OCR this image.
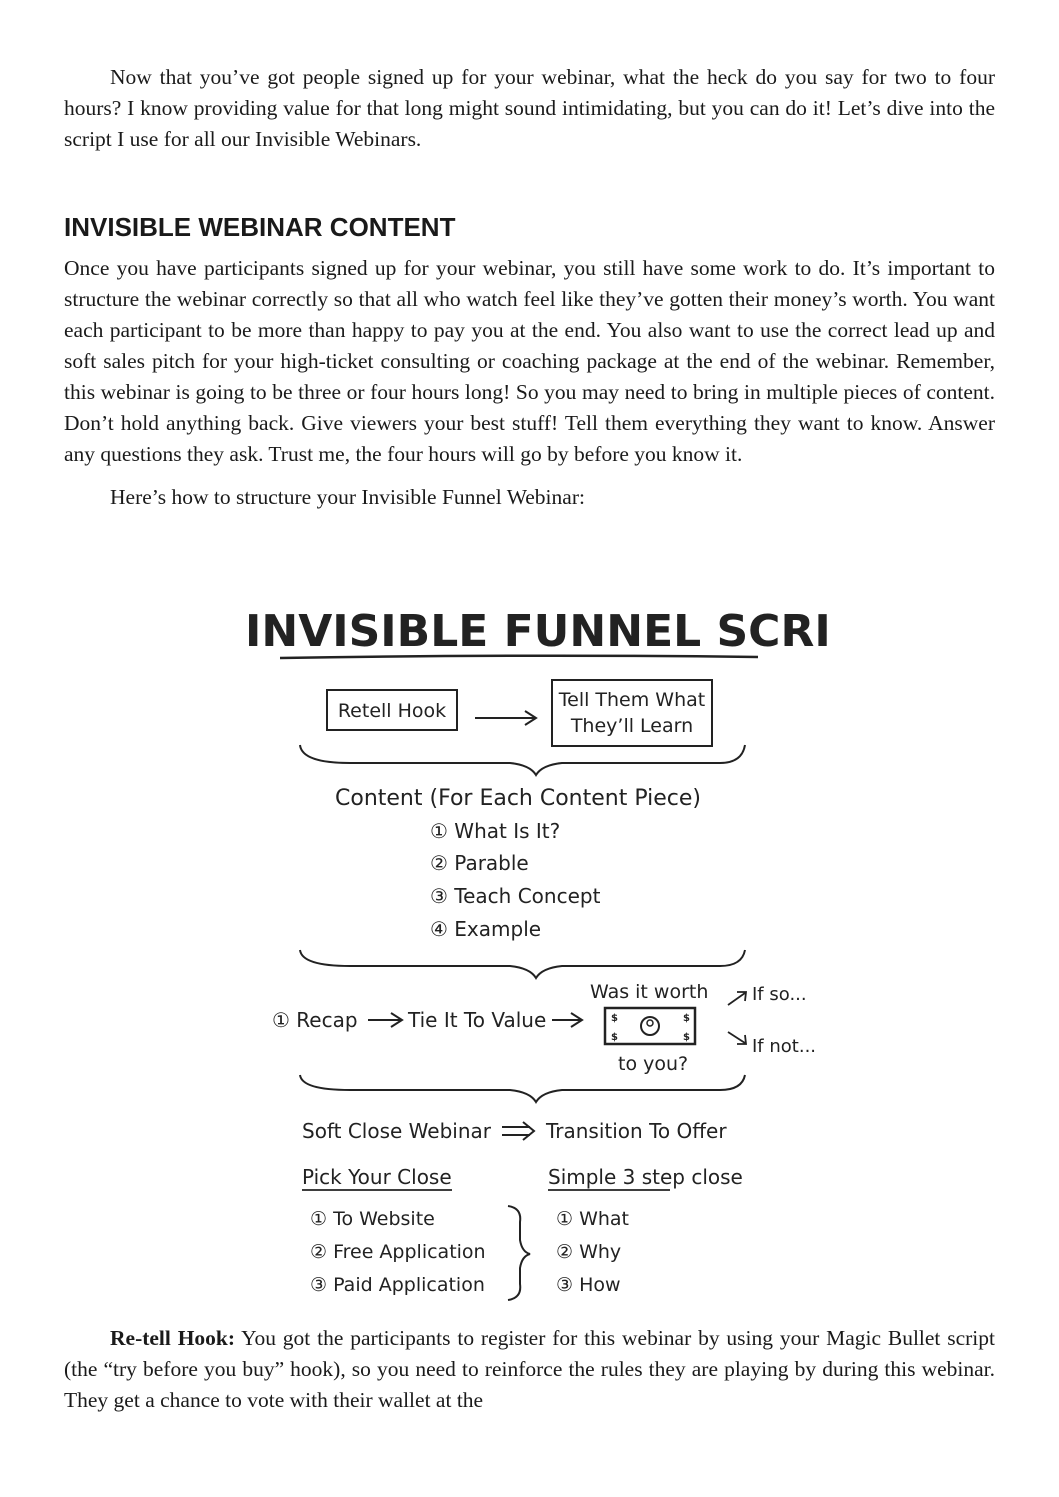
Now that you’ve got people signed up for your webinar, what the heck do you say for two to four hours? I know providing value for that long might sound intimidating, but you can do it! Let’s dive into the script I use for all our Invisible Webinars.

INVISIBLE WEBINAR CONTENT

Once you have participants signed up for your webinar, you still have some work to do. It’s important to structure the webinar correctly so that all who watch feel like they’ve gotten their money’s worth. You want each participant to be more than happy to pay you at the end. You also want to use the correct lead up and soft sales pitch for your high-ticket consulting or coaching package at the end of the webinar. Remember, this webinar is going to be three or four hours long! So you may need to bring in multiple pieces of content. Don’t hold anything back. Give viewers your best stuff! Tell them everything they want to know. Answer any questions they ask. Trust me, the four hours will go by before you know it.

Here’s how to structure your Invisible Funnel Webinar:

INVISIBLE FUNNEL SCRIPT
Retell Hook	Tell Them What
They’ll Learn
Content (For Each Content Piece)
① What Is It?
② Parable
③ Teach Concept
④ Example
Was it worth
① Recap	Tie It To Value	$
$
$
$
to you?
If so...
If not...
Soft Close Webinar	Transition To Offer
Pick Your Close
① To Website
② Free Application
③ Paid Application
Simple 3 step close
① What
② Why
③ How

Re-tell Hook: You got the participants to register for this webinar by using your Magic Bullet script (the “try before you buy” hook), so you need to reinforce the rules they are playing by during this webinar. They get a chance to vote with their wallet at the
